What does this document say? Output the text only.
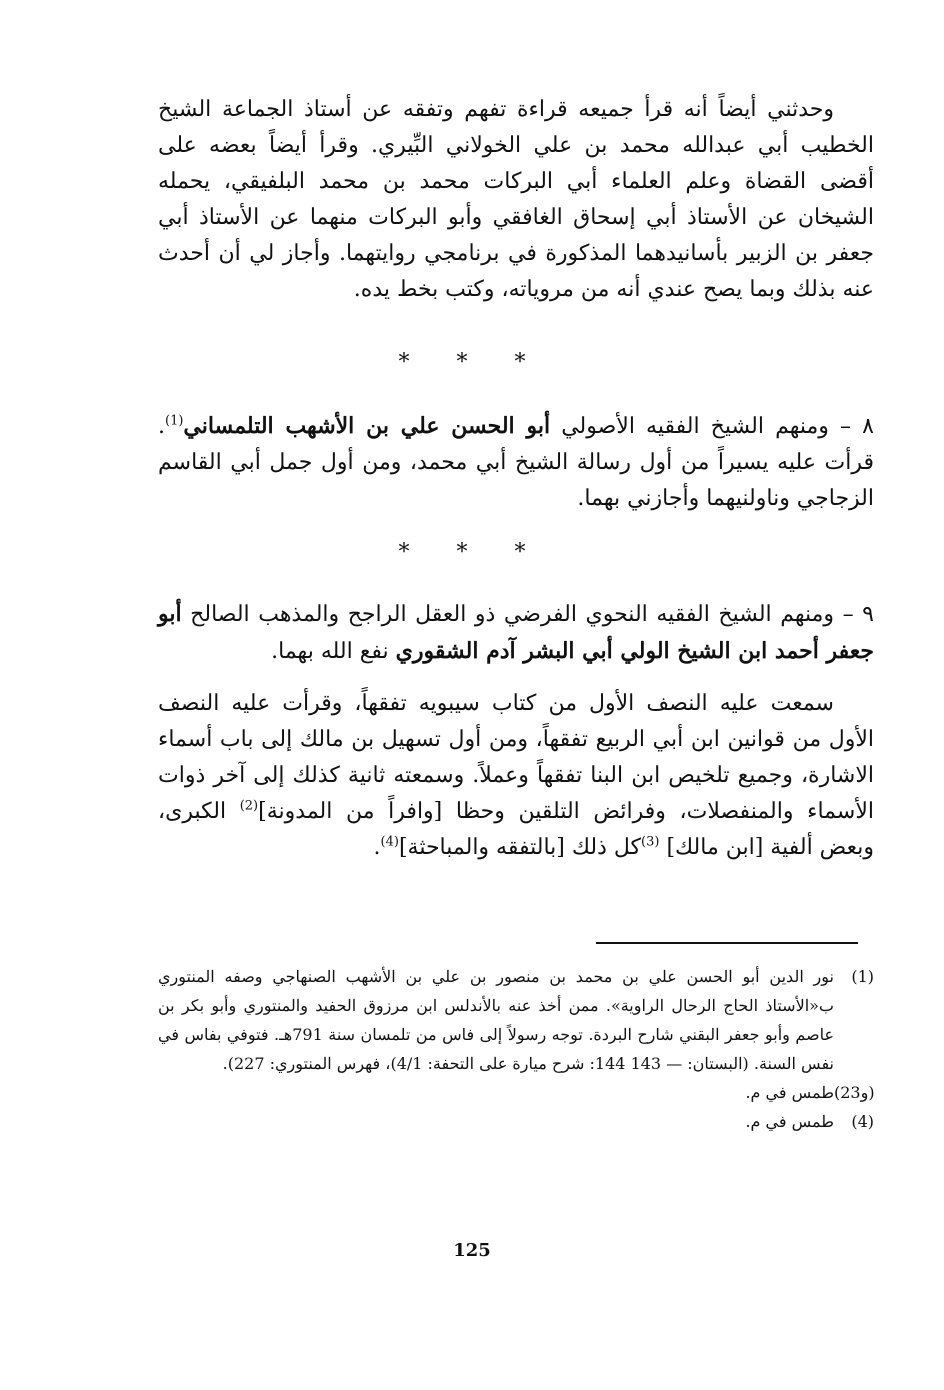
وحدثني أيضاً أنه قرأ جميعه قراءة تفهم وتفقه عن أستاذ الجماعة الشيخ الخطيب أبي عبدالله محمد بن علي الخولاني البِّيري. وقرأ أيضاً بعضه على أقضى القضاة وعلم العلماء أبي البركات محمد بن محمد البلفيقي، يحمله الشيخان عن الأستاذ أبي إسحاق الغافقي وأبو البركات منهما عن الأستاذ أبي جعفر بن الزبير بأسانيدهما المذكورة في برنامجي روايتهما. وأجاز لي أن أحدث عنه بذلك وبما يصح عندي أنه من مروياته، وكتب بخط يده.
* * *
٨ – ومنهم الشيخ الفقيه الأصولي أبو الحسن علي بن الأشهب التلمساني$^{(1)}$. قرأت عليه يسيراً من أول رسالة الشيخ أبي محمد، ومن أول جمل أبي القاسم الزجاجي وناولنيهما وأجازني بهما.
* * *
٩ – ومنهم الشيخ الفقيه النحوي الفرضي ذو العقل الراجح والمذهب الصالح أبو جعفر أحمد ابن الشيخ الولي أبي البشر آدم الشقوري نفع الله بهما.
سمعت عليه النصف الأول من كتاب سيبويه تفقهاً، وقرأت عليه النصف الأول من قوانين ابن أبي الربيع تفقهاً، ومن أول تسهيل بن مالك إلى باب أسماء الاشارة، وجميع تلخيص ابن البنا تفقهاً وعملاً. وسمعته ثانية كذلك إلى آخر ذوات الأسماء والمنفصلات، وفرائض التلقين وحظا [وافراً من المدونة]$^{(2)}$ الكبرى، وبعض ألفية [ابن مالك] $^{(3)}$كل ذلك [بالتفقه والمباحثة]$^{(4)}$.
(1)
نور الدين أبو الحسن علي بن محمد بن منصور بن علي بن الأشهب الصنهاجي وصفه المنتوري ب«الأستاذ الحاج الرحال الراوية». ممن أخذ عنه بالأندلس ابن مرزوق الحفيد والمنتوري وأبو بكر بن عاصم وأبو جعفر البقني شارح البردة. توجه رسولاً إلى فاس من تلمسان سنة 791هـ. فتوفي بفاس في نفس السنة. (البستان: — 143 144: شرح ميارة على التحفة: 4/1)، فهرس المنتوري: 227).
(2و3)
طمس في م.
(4)
طمس في م.
125
